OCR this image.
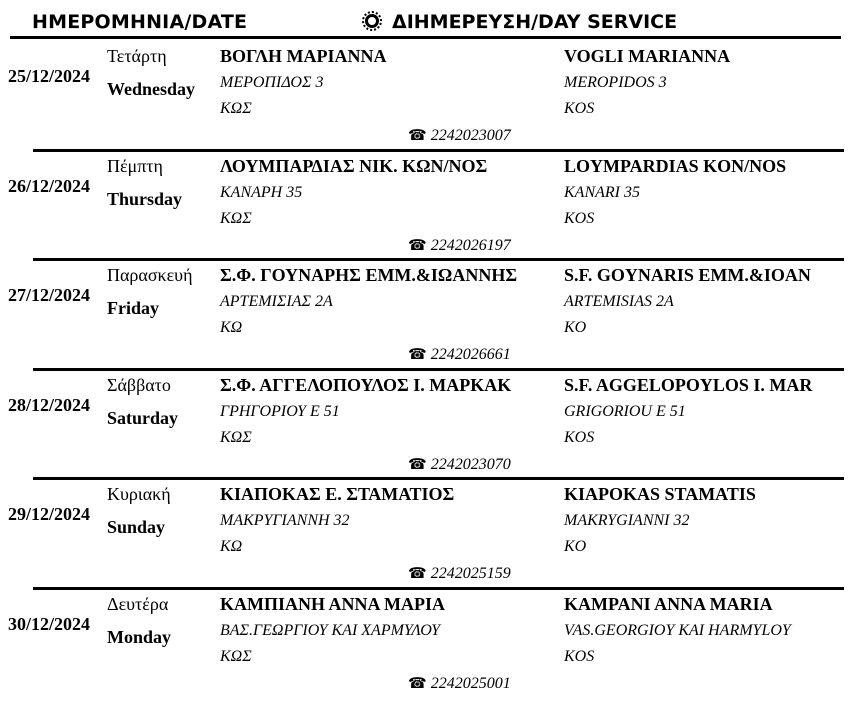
ΗΜΕΡΟΜΗΝΙΑ/DATE	ΔΙΗΜΕΡΕΥΣΗ/DAY SERVICE
25/12/2024
Τετάρτη
Wednesday
ΒΟΓΛΗ ΜΑΡΙΑΝΝΑ	VOGLI MARIANNA
ΜΕΡΟΠΙΔΟΣ 3	MEROPIDOS 3
ΚΩΣ	KOS
☎ 2242023007
26/12/2024
Πέμπτη
Thursday
ΛΟΥΜΠΑΡΔΙΑΣ ΝΙΚ. ΚΩΝ/ΝΟΣ	LOYMPARDIAS KON/NOS
ΚΑΝΑΡΗ 35	KANARI 35
ΚΩΣ	KOS
☎ 2242026197
27/12/2024
Παρασκευή
Friday
Σ.Φ. ΓΟΥΝΑΡΗΣ ΕΜΜ.&ΙΩΑΝΝΗΣ	S.F. GOYNARIS EMM.&IOAN
ΑΡΤΕΜΙΣΙΑΣ 2Α	ARTEMISIAS 2A
ΚΩ	KO
☎ 2242026661
28/12/2024
Σάββατο
Saturday
Σ.Φ. ΑΓΓΕΛΟΠΟΥΛΟΣ Ι. ΜΑΡΚΑΚ	S.F. AGGELOPOYLOS I. MAR
ΓΡΗΓΟΡΙΟΥ Ε 51	GRIGORIOU E 51
ΚΩΣ	KOS
☎ 2242023070
29/12/2024
Κυριακή
Sunday
ΚΙΑΠΟΚΑΣ Ε. ΣΤΑΜΑΤΙΟΣ	KIAPOKAS STAMATIS
ΜΑΚΡΥΓΙΑΝΝΗ 32	MAKRYGIANNI 32
ΚΩ	KO
☎ 2242025159
30/12/2024
Δευτέρα
Monday
ΚΑΜΠΙΑΝΗ ΑΝΝΑ ΜΑΡΙΑ	KAMPANI ANNA MARIA
ΒΑΣ.ΓΕΩΡΓΙΟΥ ΚΑΙ ΧΑΡΜΥΛΟΥ	VAS.GEORGIOY KAI HARMYLOY
ΚΩΣ	KOS
☎ 2242025001
